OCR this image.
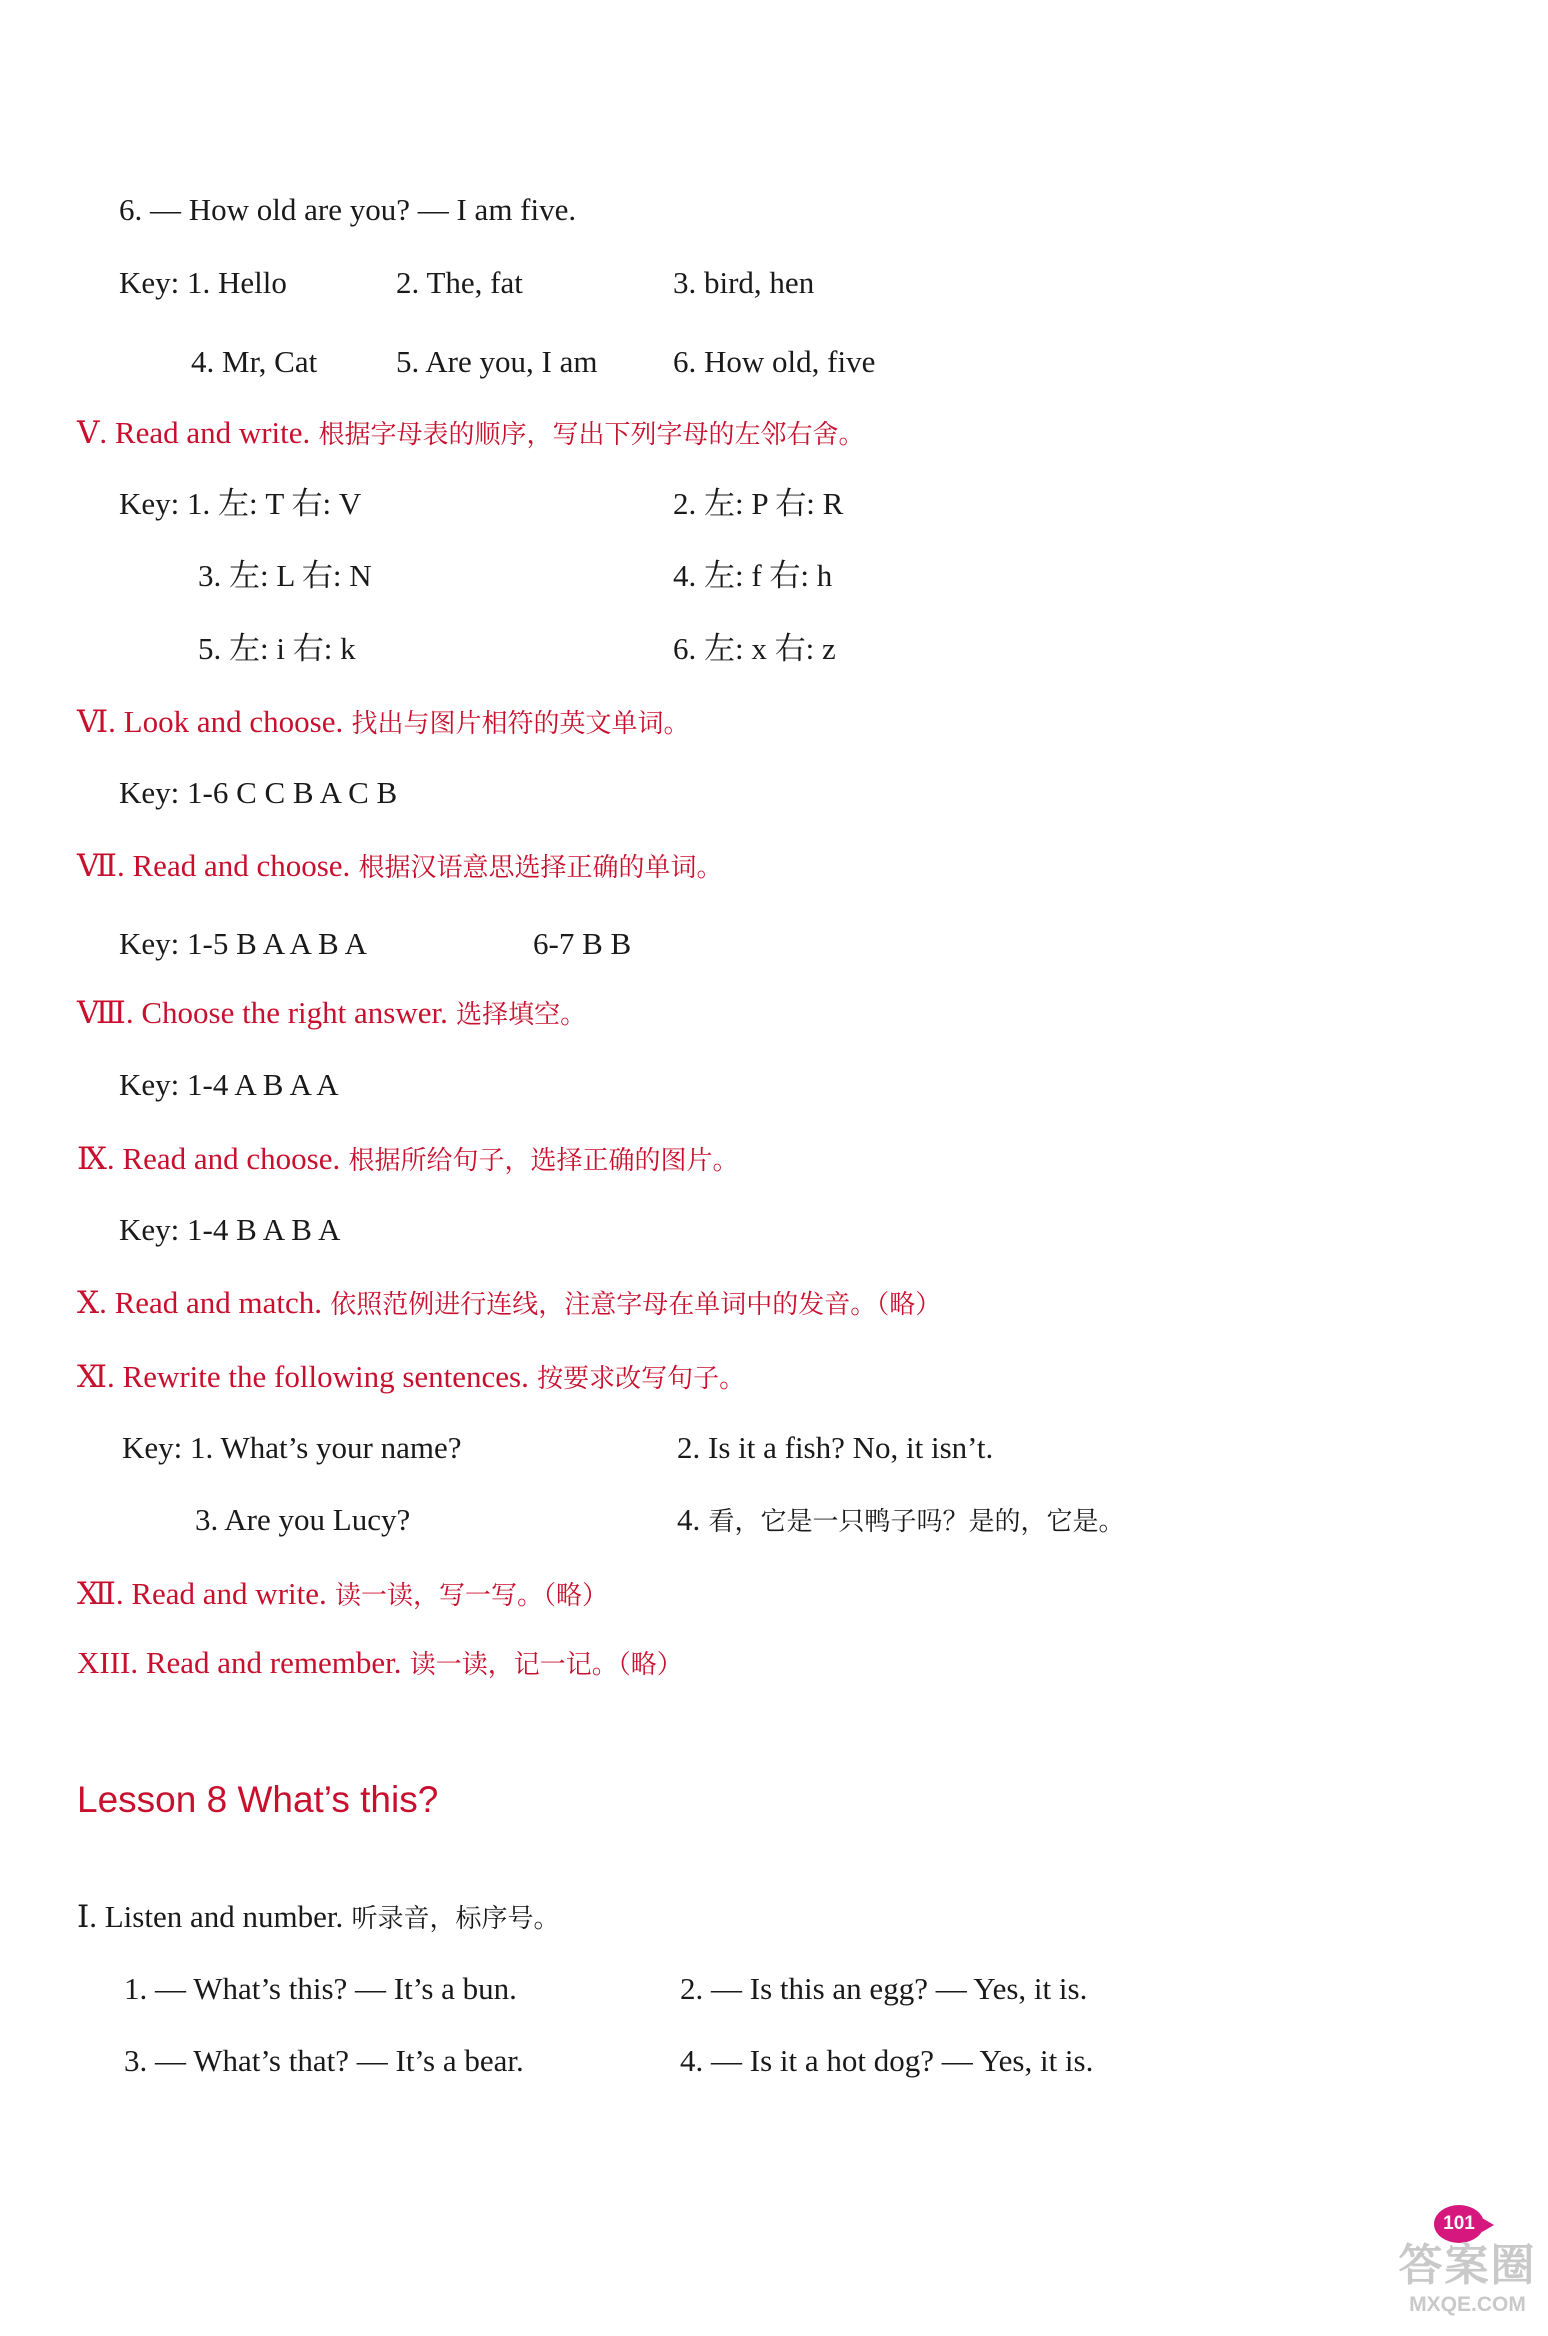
6. — How old are you? — I am five.
Key: 1. Hello	2. The, fat	3. bird, hen
4. Mr, Cat	5. Are you, I am 6. How old, five
Ⅴ. Read and write. 根据字母表的顺序，写出下列字母的左邻右舍。
Key: 1. 左: T 右: V	2. 左: P 右: R
3. 左: L 右: N	4. 左: f 右: h
5. 左: i 右: k	6. 左: x 右: z
Ⅵ. Look and choose. 找出与图片相符的英文单词。
Key: 1-6 C C B A C B
Ⅶ. Read and choose. 根据汉语意思选择正确的单词。
Key: 1-5 B A A B A	6-7 B B
Ⅷ. Choose the right answer. 选择填空。
Key: 1-4 A B A A
Ⅸ. Read and choose. 根据所给句子，选择正确的图片。
Key: 1-4 B A B A
Ⅹ. Read and match. 依照范例进行连线，注意字母在单词中的发音。（略）
Ⅺ. Rewrite the following sentences. 按要求改写句子。
Key: 1. What’s your name?	2. Is it a fish? No, it isn’t.
3. Are you Lucy?	4. 看，它是一只鸭子吗？是的，它是。
Ⅻ. Read and write. 读一读，写一写。（略）
XIII. Read and remember. 读一读，记一记。（略）
Lesson 8 What’s this?
Ⅰ. Listen and number. 听录音，标序号。
1. — What’s this? — It’s a bun.	2. — Is this an egg? — Yes, it is.
3. — What’s that? — It’s a bear.	4. — Is it a hot dog? — Yes, it is.
101
答案圈
MXQE.COM
